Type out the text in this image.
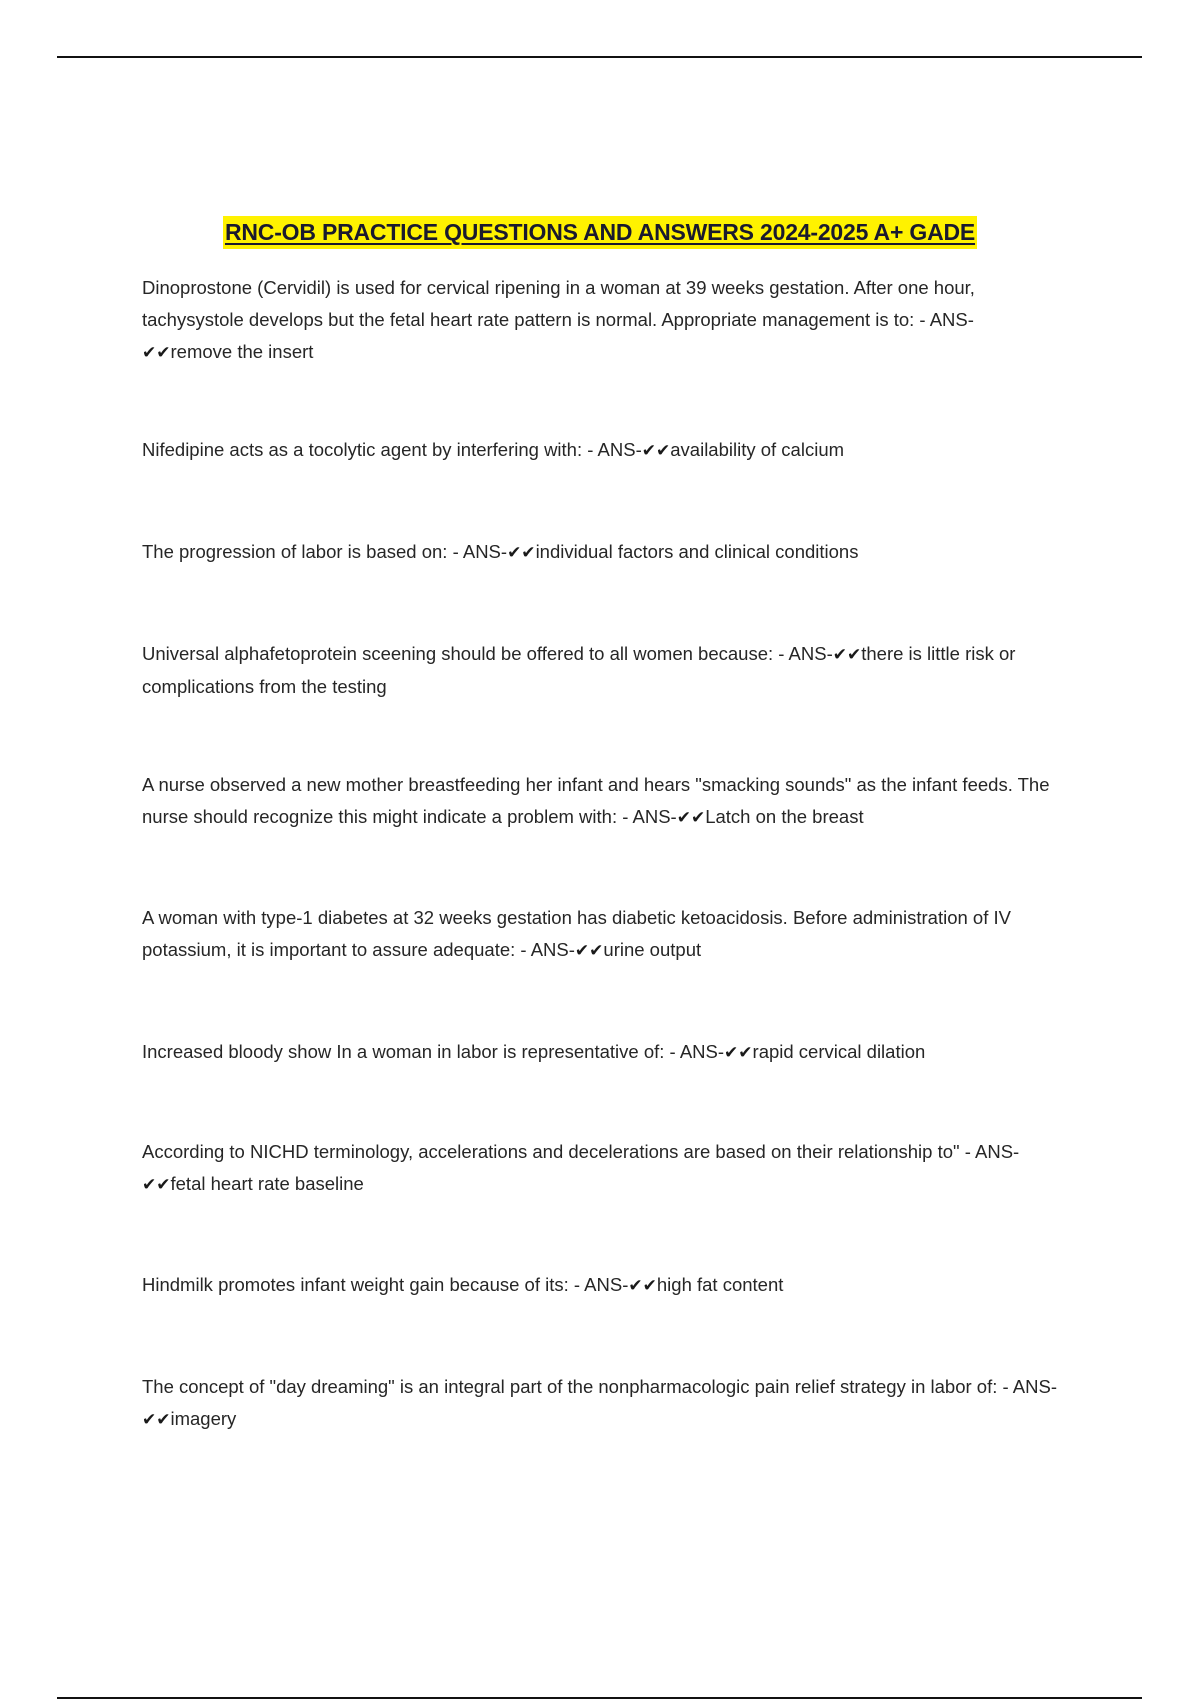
RNC-OB PRACTICE QUESTIONS AND ANSWERS 2024-2025 A+ GADE
Dinoprostone (Cervidil) is used for cervical ripening in a woman at 39 weeks gestation. After one hour, tachysystole develops but the fetal heart rate pattern is normal. Appropriate management is to: - ANS-✔✔remove the insert
Nifedipine acts as a tocolytic agent by interfering with: - ANS-✔✔availability of calcium
The progression of labor is based on: - ANS-✔✔individual factors and clinical conditions
Universal alphafetoprotein sceening should be offered to all women because: - ANS-✔✔there is little risk or complications from the testing
A nurse observed a new mother breastfeeding her infant and hears "smacking sounds" as the infant feeds. The nurse should recognize this might indicate a problem with: - ANS-✔✔Latch on the breast
A woman with type-1 diabetes at 32 weeks gestation has diabetic ketoacidosis. Before administration of IV potassium, it is important to assure adequate: - ANS-✔✔urine output
Increased bloody show In a woman in labor is representative of: - ANS-✔✔rapid cervical dilation
According to NICHD terminology, accelerations and decelerations are based on their relationship to" - ANS-✔✔fetal heart rate baseline
Hindmilk promotes infant weight gain because of its: - ANS-✔✔high fat content
The concept of "day dreaming" is an integral part of the nonpharmacologic pain relief strategy in labor of: - ANS-✔✔imagery
